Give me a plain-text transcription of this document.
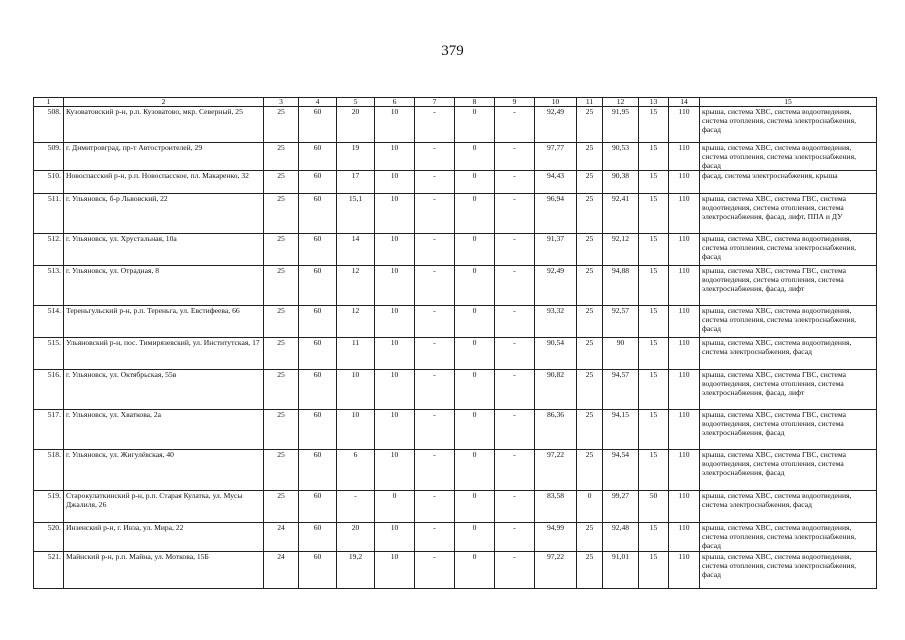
379
1	2	3	4	5	6	7	8	9	10	11	12	13	14	15
508.	Кузоватовский р-н, р.п. Кузоватово, мкр. Северный, 25	25	60	20	10	-	0	-	92,49	25	91,95	15	110	крыша, система ХВС, система водоотведения, система отопления, система электроснабжения, фасад
509.	г. Димитровград, пр-т Автостроителей, 29	25	60	19	10	-	0	-	97,77	25	90,53	15	110	крыша, система ХВС, система водоотведения, система отопления, система электроснабжения, фасад
510.	Новоспасский р-н, р.п. Новоспасское, пл. Макаренко, 32	25	60	17	10	-	0	-	94,43	25	90,38	15	110	фасад, система электроснабжения, крыша
511.	г. Ульяновск, б-р Львовский, 22	25	60	15,1	10	-	0	-	96,94	25	92,41	15	110	крыша, система ХВС, система ГВС, система водоотведения, система отопления, система электроснабжения, фасад, лифт, ППА и ДУ
512.	г. Ульяновск, ул. Хрустальная, 10а	25	60	14	10	-	0	-	91,37	25	92,12	15	110	крыша, система ХВС, система водоотведения, система отопления, система электроснабжения, фасад
513.	г. Ульяновск, ул. Отрадная, 8	25	60	12	10	-	0	-	92,49	25	94,88	15	110	крыша, система ХВС, система ГВС, система водоотведения, система отопления, система электроснабжения, фасад, лифт
514.	Тереньгульский р-н, р.п. Тереньга, ул. Евстифеева, 66	25	60	12	10	-	0	-	93,32	25	92,57	15	110	крыша, система ХВС, система водоотведения, система отопления, система электроснабжения, фасад
515.	Ульяновский р-н, пос. Тимирязевский, ул. Институтская, 17	25	60	11	10	-	0	-	90,54	25	90	15	110	крыша, система ХВС, система водоотведения, система электроснабжения, фасад
516.	г. Ульяновск, ул. Октябрьская, 55в	25	60	10	10	-	0	-	90,82	25	94,57	15	110	крыша, система ХВС, система ГВС, система водоотведения, система отопления, система электроснабжения, фасад, лифт
517.	г. Ульяновск, ул. Хваткова, 2а	25	60	10	10	-	0	-	86,36	25	94,15	15	110	крыша, система ХВС, система ГВС, система водоотведения, система отопления, система электроснабжения, фасад
518.	г. Ульяновск, ул. Жигулёвская, 40	25	60	6	10	-	0	-	97,22	25	94,54	15	110	крыша, система ХВС, система ГВС, система водоотведения, система отопления, система электроснабжения, фасад
519.	Старокулаткинский р-н, р.п. Старая Кулатка, ул. Мусы Джалиля, 26	25	60	-	0	-	0	-	83,58	0	99,27	50	110	крыша, система ХВС, система водоотведения, система электроснабжения, фасад
520.	Инзенский р-н, г. Инза, ул. Мира, 22	24	60	20	10	-	0	-	94,99	25	92,48	15	110	крыша, система ХВС, система водоотведения, система отопления, система электроснабжения, фасад
521.	Майнский р-н, р.п. Майна, ул. Моткова, 15Б	24	60	19,2	10	-	0	-	97,22	25	91,01	15	110	крыша, система ХВС, система водоотведения, система отопления, система электроснабжения, фасад
